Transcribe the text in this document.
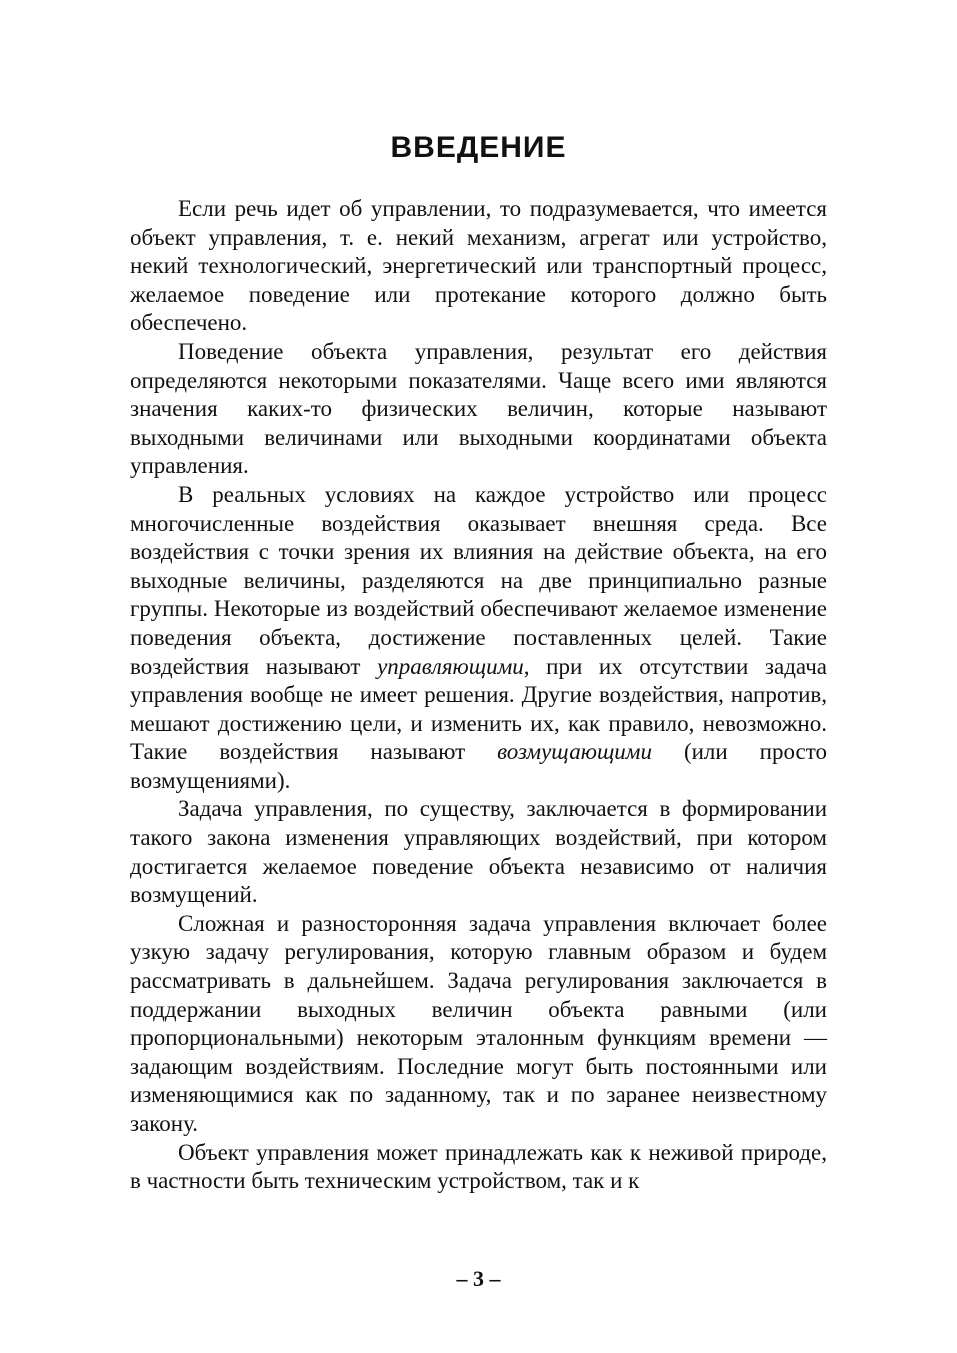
ВВЕДЕНИЕ

Если речь идет об управлении, то подразумевается, что имеется объект управления, т. е. некий механизм, агрегат или устройство, некий технологический, энергетический или транспортный процесс, желаемое поведение или протекание которого должно быть обеспечено.

Поведение объекта управления, результат его действия определяются некоторыми показателями. Чаще всего ими являются значения каких-то физических величин, которые называют выходными величинами или выходными координатами объекта управления.

В реальных условиях на каждое устройство или процесс многочисленные воздействия оказывает внешняя среда. Все воздействия с точки зрения их влияния на действие объекта, на его выходные величины, разделяются на две принципиально разные группы. Некоторые из воздействий обеспечивают желаемое изменение поведения объекта, достижение поставленных целей. Такие воздействия называют управляющими, при их отсутствии задача управления вообще не имеет решения. Другие воздействия, напротив, мешают достижению цели, и изменить их, как правило, невозможно. Такие воздействия называют возмущающими (или просто возмущениями).

Задача управления, по существу, заключается в формировании такого закона изменения управляющих воздействий, при котором достигается желаемое поведение объекта независимо от наличия возмущений.

Сложная и разносторонняя задача управления включает более узкую задачу регулирования, которую главным образом и будем рассматривать в дальнейшем. Задача регулирования заключается в поддержании выходных величин объекта равными (или пропорциональными) некоторым эталонным функциям времени — задающим воздействиям. Последние могут быть постоянными или изменяющимися как по заданному, так и по заранее неизвестному закону.

Объект управления может принадлежать как к неживой природе, в частности быть техническим устройством, так и к

– 3 –
